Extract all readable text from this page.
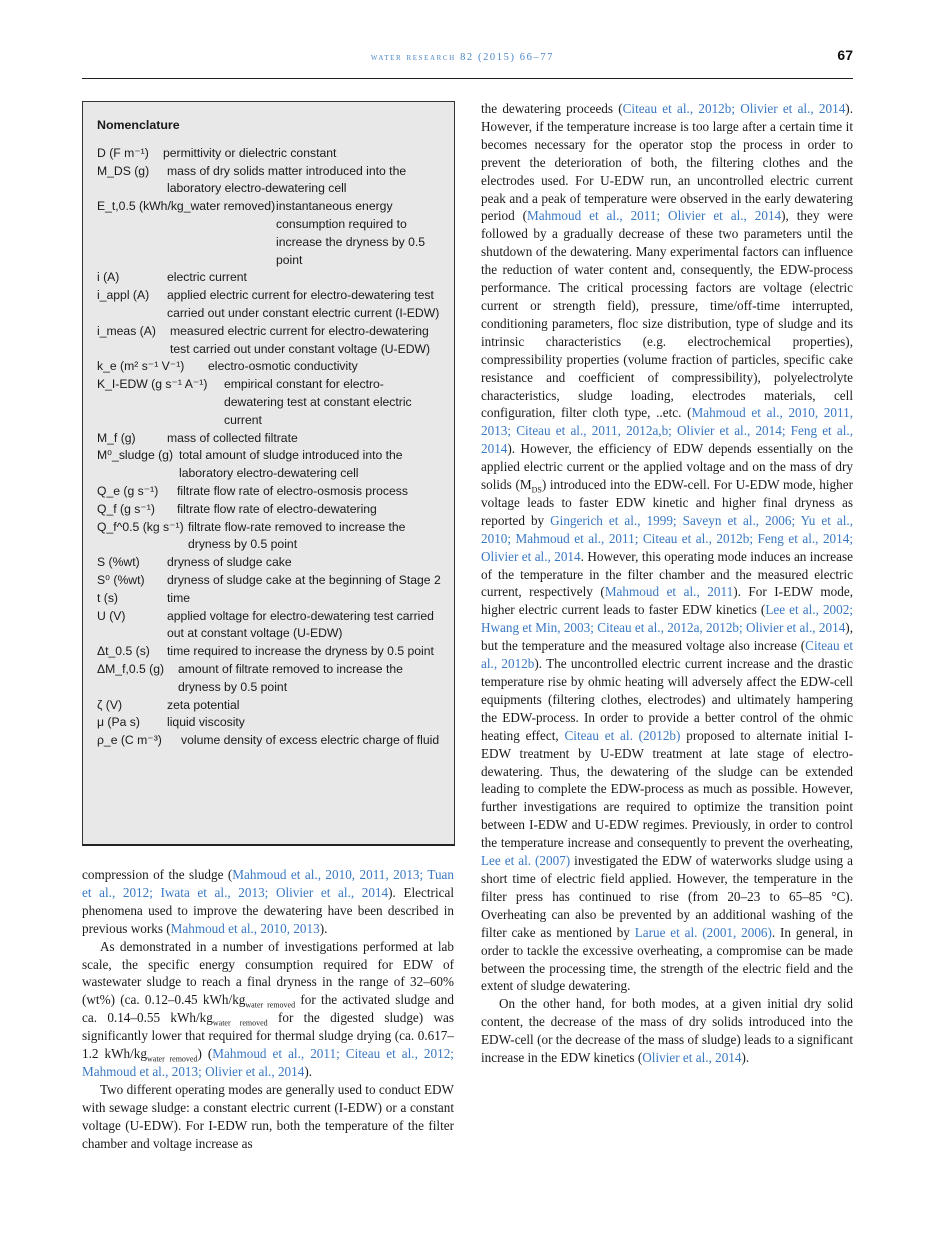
water research 82 (2015) 66–77	67
Nomenclature
D (F m⁻¹) permittivity or dielectric constant
M_DS (g) mass of dry solids matter introduced into the laboratory electro-dewatering cell
E_t,0.5 (kWh/kg_water removed) instantaneous energy consumption required to increase the dryness by 0.5 point
i (A)	electric current
i_appl (A) applied electric current for electro-dewatering test carried out under constant electric current (I-EDW)
i_meas (A) measured electric current for electro-dewatering test carried out under constant voltage (U-EDW)
k_e (m² s⁻¹ V⁻¹) electro-osmotic conductivity
K_I-EDW (g s⁻¹ A⁻¹) empirical constant for electro-dewatering test at constant electric current
M_f (g)	mass of collected filtrate
M⁰_sludge (g) total amount of sludge introduced into the laboratory electro-dewatering cell
Q_e (g s⁻¹) filtrate flow rate of electro-osmosis process
Q_f (g s⁻¹) filtrate flow rate of electro-dewatering
Q_f^0.5 (kg s⁻¹) filtrate flow-rate removed to increase the dryness by 0.5 point
S (%wt) dryness of sludge cake
S⁰ (%wt) dryness of sludge cake at the beginning of Stage 2
t (s)	time
U (V)	applied voltage for electro-dewatering test carried out at constant voltage (U-EDW)
Δt_0.5 (s) time required to increase the dryness by 0.5 point
ΔM_f,0.5 (g) amount of filtrate removed to increase the dryness by 0.5 point
ζ (V)	zeta potential
μ (Pa s) liquid viscosity
ρ_e (C m⁻³) volume density of excess electric charge of fluid

compression of the sludge (Mahmoud et al., 2010, 2011, 2013; Tuan et al., 2012; Iwata et al., 2013; Olivier et al., 2014). Electrical phenomena used to improve the dewatering have been described in previous works (Mahmoud et al., 2010, 2013).

As demonstrated in a number of investigations performed at lab scale, the specific energy consumption required for EDW of wastewater sludge to reach a final dryness in the range of 32–60% (wt%) (ca. 0.12–0.45 kWh/$kg_{water removed}$ for the activated sludge and ca. 0.14–0.55 kWh/$kg_{water removed}$ for the digested sludge) was significantly lower that required for thermal sludge drying (ca. 0.617–1.2 kWh/$kg_{water removed}$) (Mahmoud et al., 2011; Citeau et al., 2012; Mahmoud et al., 2013; Olivier et al., 2014).

Two different operating modes are generally used to conduct EDW with sewage sludge: a constant electric current (I-EDW) or a constant voltage (U-EDW). For I-EDW run, both the temperature of the filter chamber and voltage increase as

the dewatering proceeds (Citeau et al., 2012b; Olivier et al., 2014). However, if the temperature increase is too large after a certain time it becomes necessary for the operator stop the process in order to prevent the deterioration of both, the filtering clothes and the electrodes used. For U-EDW run, an uncontrolled electric current peak and a peak of temperature were observed in the early dewatering period (Mahmoud et al., 2011; Olivier et al., 2014), they were followed by a gradually decrease of these two parameters until the shutdown of the dewatering. Many experimental factors can influence the reduction of water content and, consequently, the EDW-process performance. The critical processing factors are voltage (electric current or strength field), pressure, time/off-time interrupted, conditioning parameters, floc size distribution, type of sludge and its intrinsic characteristics (e.g. electrochemical properties), compressibility properties (volume fraction of particles, specific cake resistance and coefficient of compressibility), polyelectrolyte characteristics, sludge loading, electrodes materials, cell configuration, filter cloth type, ..etc. (Mahmoud et al., 2010, 2011, 2013; Citeau et al., 2011, 2012a,b; Olivier et al., 2014; Feng et al., 2014). However, the efficiency of EDW depends essentially on the applied electric current or the applied voltage and on the mass of dry solids $(M_{DS})$ introduced into the EDW-cell. For U-EDW mode, higher voltage leads to faster EDW kinetic and higher final dryness as reported by Gingerich et al., 1999; Saveyn et al., 2006; Yu et al., 2010; Mahmoud et al., 2011; Citeau et al., 2012b; Feng et al., 2014; Olivier et al., 2014. However, this operating mode induces an increase of the temperature in the filter chamber and the measured electric current, respectively (Mahmoud et al., 2011). For I-EDW mode, higher electric current leads to faster EDW kinetics (Lee et al., 2002; Hwang et Min, 2003; Citeau et al., 2012a, 2012b; Olivier et al., 2014), but the temperature and the measured voltage also increase (Citeau et al., 2012b). The uncontrolled electric current increase and the drastic temperature rise by ohmic heating will adversely affect the EDW-cell equipments (filtering clothes, electrodes) and ultimately hampering the EDW-process. In order to provide a better control of the ohmic heating effect, Citeau et al. (2012b) proposed to alternate initial I-EDW treatment by U-EDW treatment at late stage of electro-dewatering. Thus, the dewatering of the sludge can be extended leading to complete the EDW-process as much as possible. However, further investigations are required to optimize the transition point between I-EDW and U-EDW regimes. Previously, in order to control the temperature increase and consequently to prevent the overheating, Lee et al. (2007) investigated the EDW of waterworks sludge using a short time of electric field applied. However, the temperature in the filter press has continued to rise (from 20–23 to 65–85 °C). Overheating can also be prevented by an additional washing of the filter cake as mentioned by Larue et al. (2001, 2006). In general, in order to tackle the excessive overheating, a compromise can be made between the processing time, the strength of the electric field and the extent of sludge dewatering.

On the other hand, for both modes, at a given initial dry solid content, the decrease of the mass of dry solids introduced into the EDW-cell (or the decrease of the mass of sludge) leads to a significant increase in the EDW kinetics (Olivier et al., 2014).
